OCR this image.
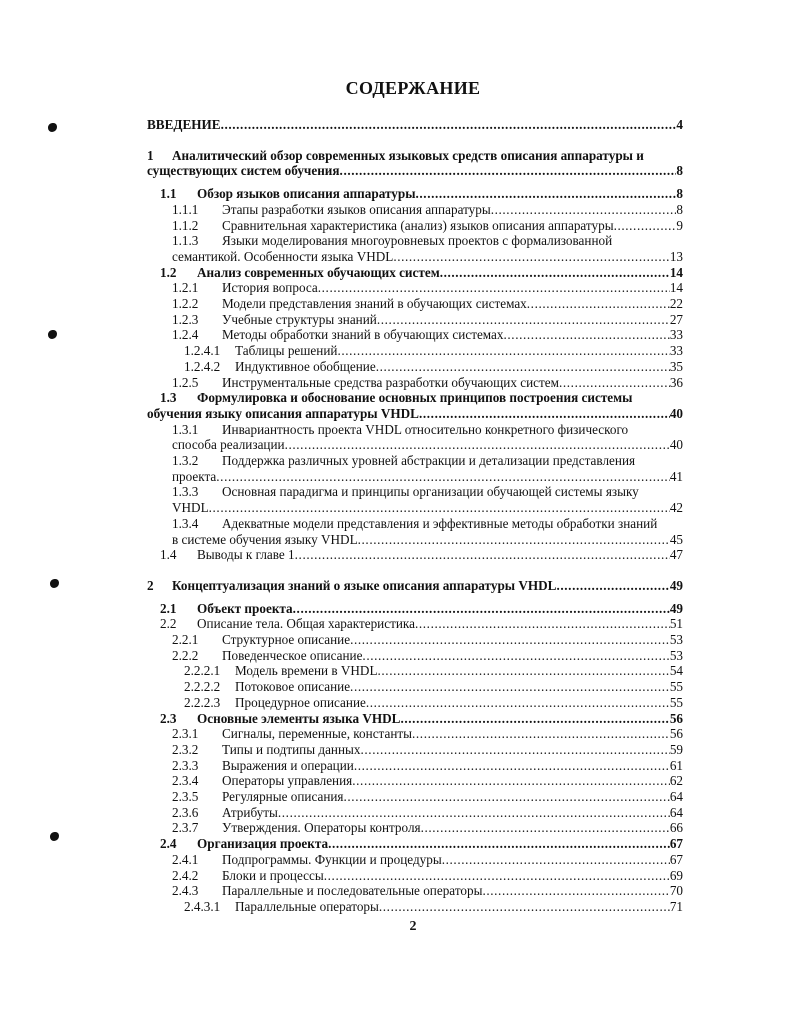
СОДЕРЖАНИЕ
ВВЕДЕНИЕ .....	4
1 Аналитический обзор современных языковых средств описания аппаратуры и
существующих систем обучения .....	8
1.1 Обзор языков описания аппаратуры .....	8
1.1.1 Этапы разработки языков описания аппаратуры .....	8
1.1.2 Сравнительная характеристика (анализ) языков описания аппаратуры .....	9
1.1.3 Языки моделирования многоуровневых проектов с формализованной
семантикой. Особенности языка VHDL .....	13
1.2 Анализ современных обучающих систем .....	14
1.2.1 История вопроса .....	14
1.2.2 Модели представления знаний в обучающих системах .....	22
1.2.3 Учебные структуры знаний .....	27
1.2.4 Методы обработки знаний в обучающих системах .....	33
1.2.4.1 Таблицы решений .....	33
1.2.4.2 Индуктивное обобщение .....	35
1.2.5 Инструментальные средства разработки обучающих систем .....	36
1.3 Формулировка и обоснование основных принципов построения системы
обучения языку описания аппаратуры VHDL .....	40
1.3.1 Инвариантность проекта VHDL относительно конкретного физического
способа реализации .....	40
1.3.2 Поддержка различных уровней абстракции и детализации представления
проекта .....	41
1.3.3 Основная парадигма и принципы организации обучающей системы языку
VHDL .....	42
1.3.4 Адекватные модели представления и эффективные методы обработки знаний
в системе обучения языку VHDL .....	45
1.4 Выводы к главе 1 .....	47
2 Концептуализация знаний о языке описания аппаратуры VHDL .....	49
2.1 Объект проекта .....	49
2.2 Описание тела. Общая характеристика .....	51
2.2.1 Структурное описание .....	53
2.2.2 Поведенческое описание .....	53
2.2.2.1 Модель времени в VHDL .....	54
2.2.2.2 Потоковое описание .....	55
2.2.2.3 Процедурное описание .....	55
2.3 Основные элементы языка VHDL .....	56
2.3.1 Сигналы, переменные, константы .....	56
2.3.2 Типы и подтипы данных .....	59
2.3.3 Выражения и операции .....	61
2.3.4 Операторы управления .....	62
2.3.5 Регулярные описания .....	64
2.3.6 Атрибуты .....	64
2.3.7 Утверждения. Операторы контроля .....	66
2.4 Организация проекта .....	67
2.4.1 Подпрограммы. Функции и процедуры .....	67
2.4.2 Блоки и процессы .....	69
2.4.3 Параллельные и последовательные операторы .....	70
2.4.3.1 Параллельные операторы .....	71
2
